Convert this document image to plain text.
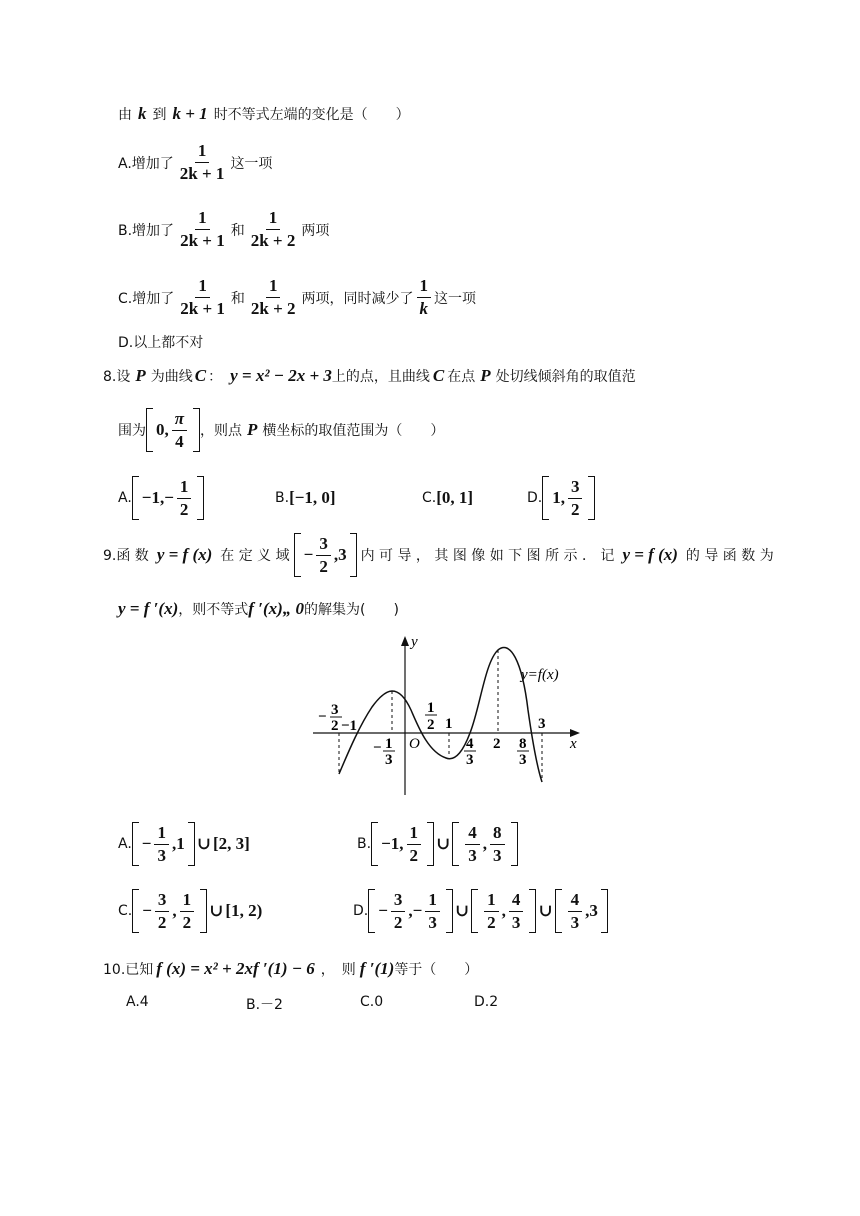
由 k 到 k + 1 时不等式左端的变化是（　　）
A.增加了 $\frac{1}{2k + 1}$ 这一项
B.增加了 $\frac{1}{2k + 1}$ 和 $\frac{1}{2k + 2}$ 两项
C.增加了 $\frac{1}{2k + 1}$ 和 $\frac{1}{2k + 2}$ 两项，同时减少了 $\frac{1}{k}$ 这一项
D.以上都不对
8.设 P 为曲线 C ： y = x² − 2x + 3 上的点，且曲线 C 在点 P 处切线倾斜角的取值范
围为 0, $\frac{\pi}{4}$ ，则点 P 横坐标的取值范围为（　　）
A. $-1,- \frac{1}{2}$	B. [−1, 0]	C. [0, 1]	D. 1, $\frac{3}{2}$
9.函 数 y = f (x) 在 定 义 域 − $\frac{3}{2} ,3$ 内 可 导 ， 其 图 像 如 下 图 所 示 ． 记 y = f (x) 的 导 函 数 为
y = f ′(x) ，则不等式 f ′(x)„ 0 的解集为(　　)
y
x
O
y=f(x)
− 3
2 −1
− 1
3
1
2 1
4
3
2 8
3
3
A. − $\frac{1}{3}$ , 1 ∪ [2, 3]	B. −1, $\frac{1}{2}$ ∪ $\frac{4}{3}$ , $\frac{8}{3}$
C. − $\frac{3}{2}$ , $\frac{1}{2}$ ∪ [1, 2)	D. − $\frac{3}{2}$ , − $\frac{1}{3}$ ∪ $\frac{1}{2}$ , $\frac{4}{3}$ ∪ $\frac{4}{3}$ , 3
10.已知 f (x) = x² + 2xf ′(1) − 6 ，　则 f ′(1) 等于（　　）
A.4	B.－2	C.0	D.2
